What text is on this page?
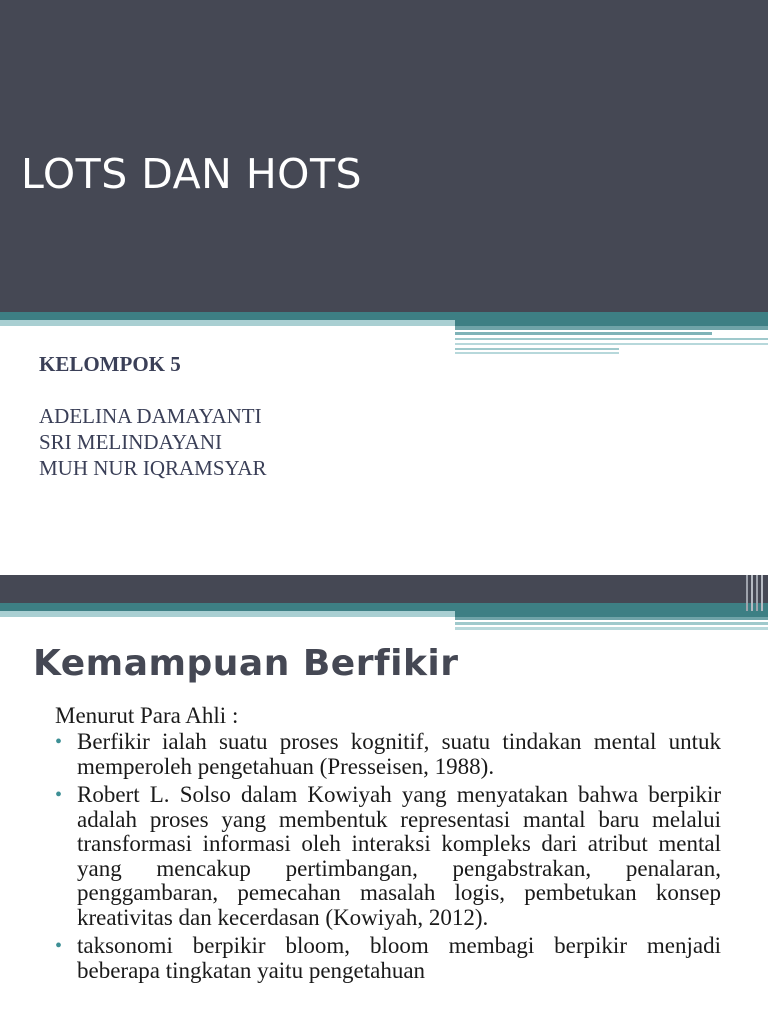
LOTS DAN HOTS
KELOMPOK 5
ADELINA DAMAYANTI
SRI MELINDAYANI
MUH NUR IQRAMSYAR
Kemampuan Berfikir
Menurut Para Ahli :
• Berfikir ialah suatu proses kognitif, suatu tindakan mental untuk memperoleh pengetahuan (Presseisen, 1988).
• Robert L. Solso dalam Kowiyah yang menyatakan bahwa berpikir adalah proses yang membentuk representasi mantal baru melalui transformasi informasi oleh interaksi kompleks dari atribut mental yang mencakup pertimbangan, pengabstrakan, penalaran, penggambaran, pemecahan masalah logis, pembetukan konsep kreativitas dan kecerdasan (Kowiyah, 2012).
• taksonomi berpikir bloom, bloom membagi berpikir menjadi beberapa tingkatan yaitu pengetahuan
